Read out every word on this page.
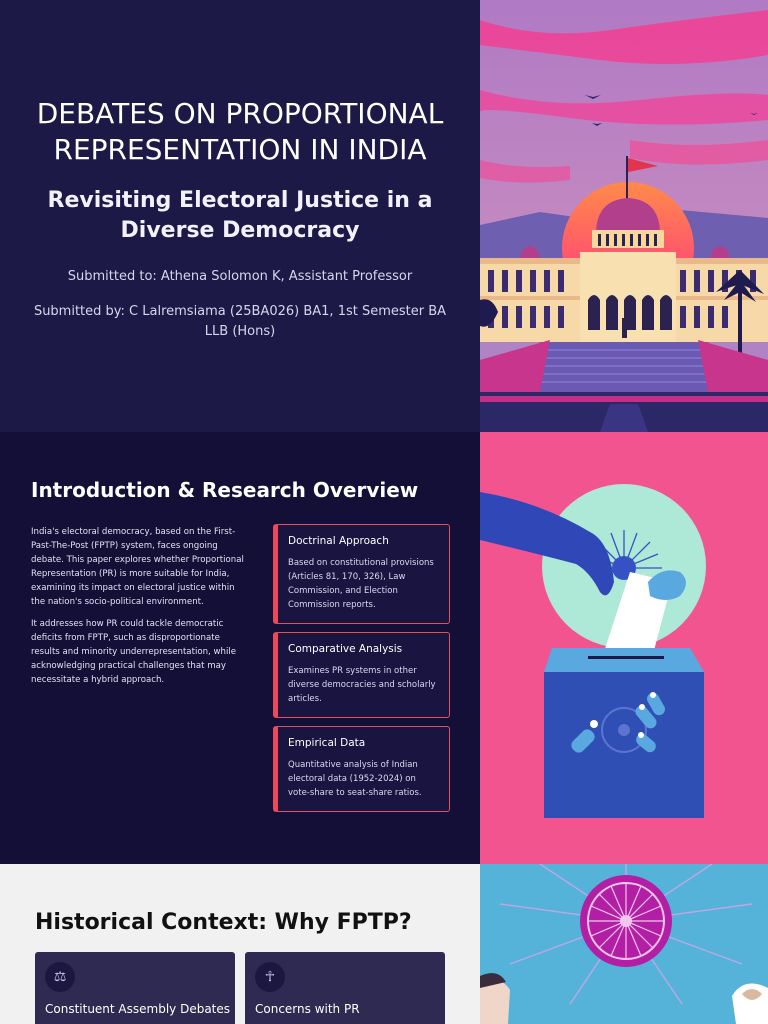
DEBATES ON PROPORTIONAL REPRESENTATION IN INDIA
Revisiting Electoral Justice in a Diverse Democracy

Submitted to: Athena Solomon K, Assistant Professor

Submitted by: C Lalremsiama (25BA026) BA1, 1st Semester BA LLB (Hons)

Introduction & Research Overview

India's electoral democracy, based on the First-Past-The-Post (FPTP) system, faces ongoing debate. This paper explores whether Proportional Representation (PR) is more suitable for India, examining its impact on electoral justice within the nation's socio-political environment.

It addresses how PR could tackle democratic deficits from FPTP, such as disproportionate results and minority underrepresentation, while acknowledging practical challenges that may necessitate a hybrid approach.

Doctrinal Approach
Based on constitutional provisions (Articles 81, 170, 326), Law Commission, and Election Commission reports.
Comparative Analysis
Examines PR systems in other diverse democracies and scholarly articles.
Empirical Data
Quantitative analysis of Indian electoral data (1952-2024) on vote-share to seat-share ratios.
Historical Context: Why FPTP?
⚖
Constituent Assembly Debates
☥
Concerns with PR
